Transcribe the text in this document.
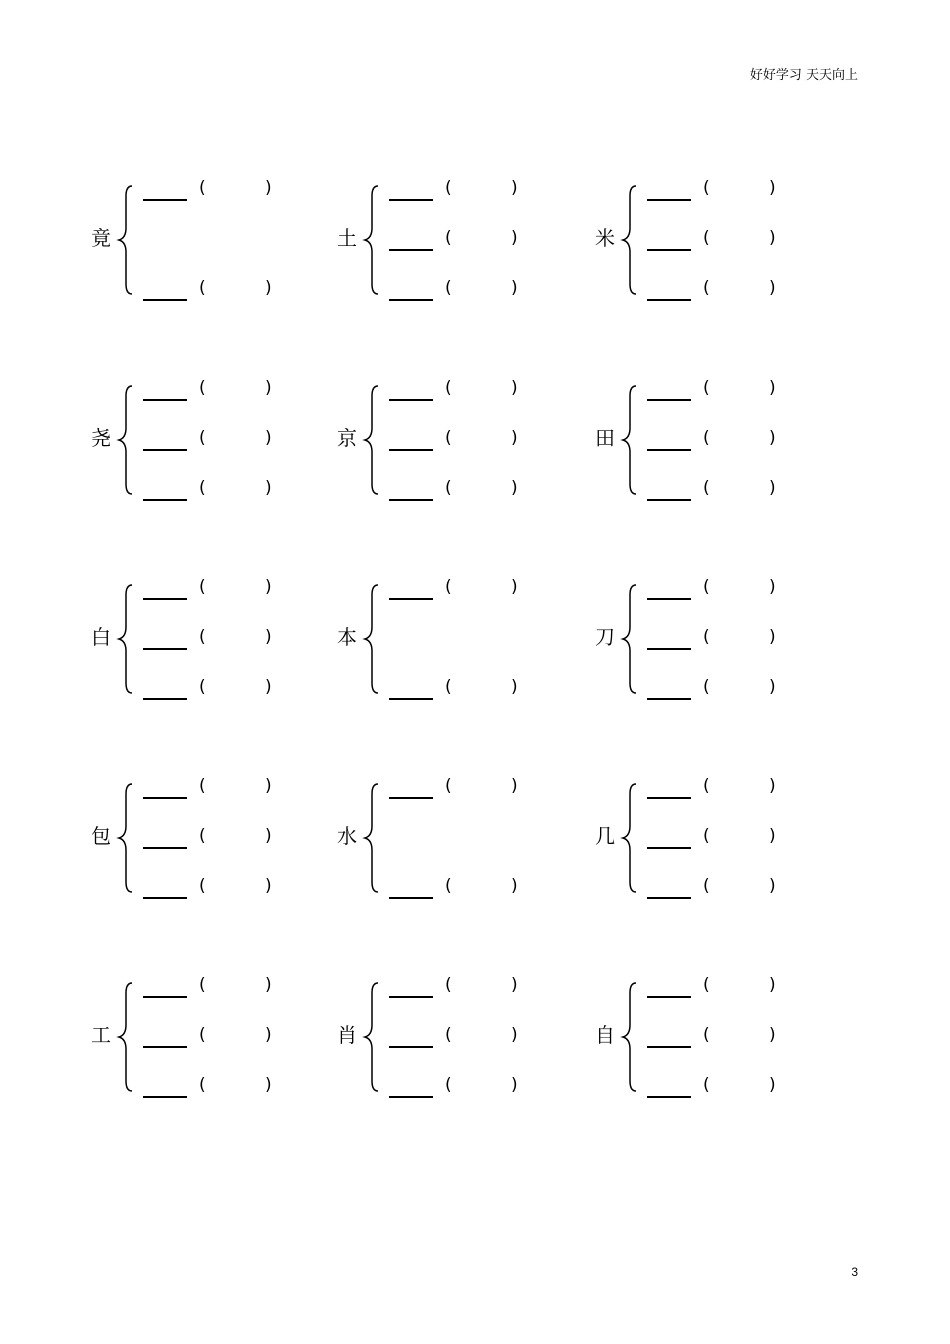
好好学习 天天向上
竟
(	)
(	)
土
(	)
(	)
(	)
米
(	)
(	)
(	)
尧
(	)
(	)
(	)
京
(	)
(	)
(	)
田
(	)
(	)
(	)
白
(	)
(	)
(	)
本
(	)
(	)
刀
(	)
(	)
(	)
包
(	)
(	)
(	)
水
(	)
(	)
几
(	)
(	)
(	)
工
(	)
(	)
(	)
肖
(	)
(	)
(	)
自
(	)
(	)
(	)
3
